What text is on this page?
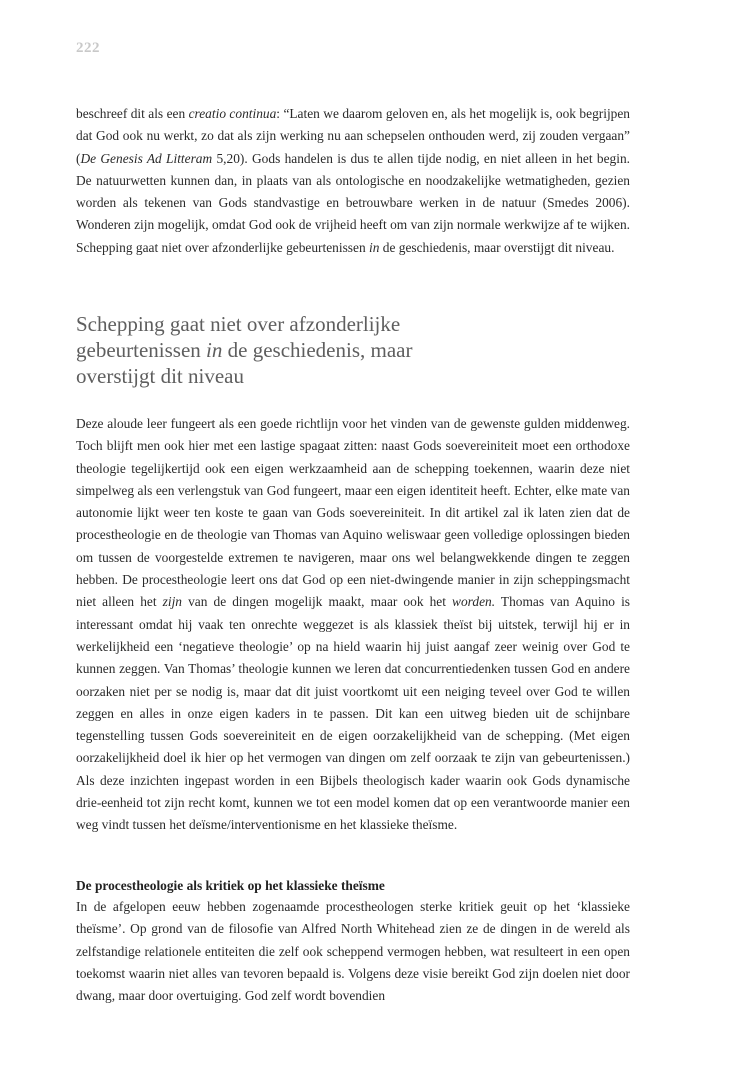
222

beschreef dit als een creatio continua: “Laten we daarom geloven en, als het mogelijk is, ook begrijpen dat God ook nu werkt, zo dat als zijn werking nu aan schepselen onthouden werd, zij zouden vergaan” (De Genesis Ad Litteram 5,20). Gods handelen is dus te allen tijde nodig, en niet alleen in het begin. De natuurwetten kunnen dan, in plaats van als ontologische en noodzakelijke wetmatigheden, gezien worden als tekenen van Gods standvastige en betrouwbare werken in de natuur (Smedes 2006). Wonderen zijn mogelijk, omdat God ook de vrijheid heeft om van zijn normale werkwijze af te wijken. Schepping gaat niet over afzonderlijke gebeurtenissen in de geschiedenis, maar overstijgt dit niveau.

Schepping gaat niet over afzonderlijke
gebeurtenissen in de geschiedenis, maar
overstijgt dit niveau

Deze aloude leer fungeert als een goede richtlijn voor het vinden van de gewenste gulden middenweg. Toch blijft men ook hier met een lastige spagaat zitten: naast Gods soevereiniteit moet een orthodoxe theologie tegelijkertijd ook een eigen werkzaamheid aan de schepping toekennen, waarin deze niet simpelweg als een verlengstuk van God fungeert, maar een eigen identiteit heeft. Echter, elke mate van autonomie lijkt weer ten koste te gaan van Gods soevereiniteit. In dit artikel zal ik laten zien dat de procestheologie en de theologie van Thomas van Aquino weliswaar geen volledige oplossingen bieden om tussen de voorgestelde extremen te navigeren, maar ons wel belangwekkende dingen te zeggen hebben. De procestheologie leert ons dat God op een niet-dwingende manier in zijn scheppingsmacht niet alleen het zijn van de dingen mogelijk maakt, maar ook het worden. Thomas van Aquino is interessant omdat hij vaak ten onrechte weggezet is als klassiek theïst bij uitstek, terwijl hij er in werkelijkheid een ‘negatieve theologie’ op na hield waarin hij juist aangaf zeer weinig over God te kunnen zeggen. Van Thomas’ theologie kunnen we leren dat concurrentiedenken tussen God en andere oorzaken niet per se nodig is, maar dat dit juist voortkomt uit een neiging teveel over God te willen zeggen en alles in onze eigen kaders in te passen. Dit kan een uitweg bieden uit de schijnbare tegenstelling tussen Gods soevereiniteit en de eigen oorzakelijkheid van de schepping. (Met eigen oorzakelijkheid doel ik hier op het vermogen van dingen om zelf oorzaak te zijn van gebeurtenissen.) Als deze inzichten ingepast worden in een Bijbels theologisch kader waarin ook Gods dynamische drie-eenheid tot zijn recht komt, kunnen we tot een model komen dat op een verantwoorde manier een weg vindt tussen het deïsme/interventionisme en het klassieke theïsme.

De procestheologie als kritiek op het klassieke theïsme

In de afgelopen eeuw hebben zogenaamde procestheologen sterke kritiek geuit op het ‘klassieke theïsme’. Op grond van de filosofie van Alfred North Whitehead zien ze de dingen in de wereld als zelfstandige relationele entiteiten die zelf ook scheppend vermogen hebben, wat resulteert in een open toekomst waarin niet alles van tevoren bepaald is. Volgens deze visie bereikt God zijn doelen niet door dwang, maar door overtuiging. God zelf wordt bovendien
